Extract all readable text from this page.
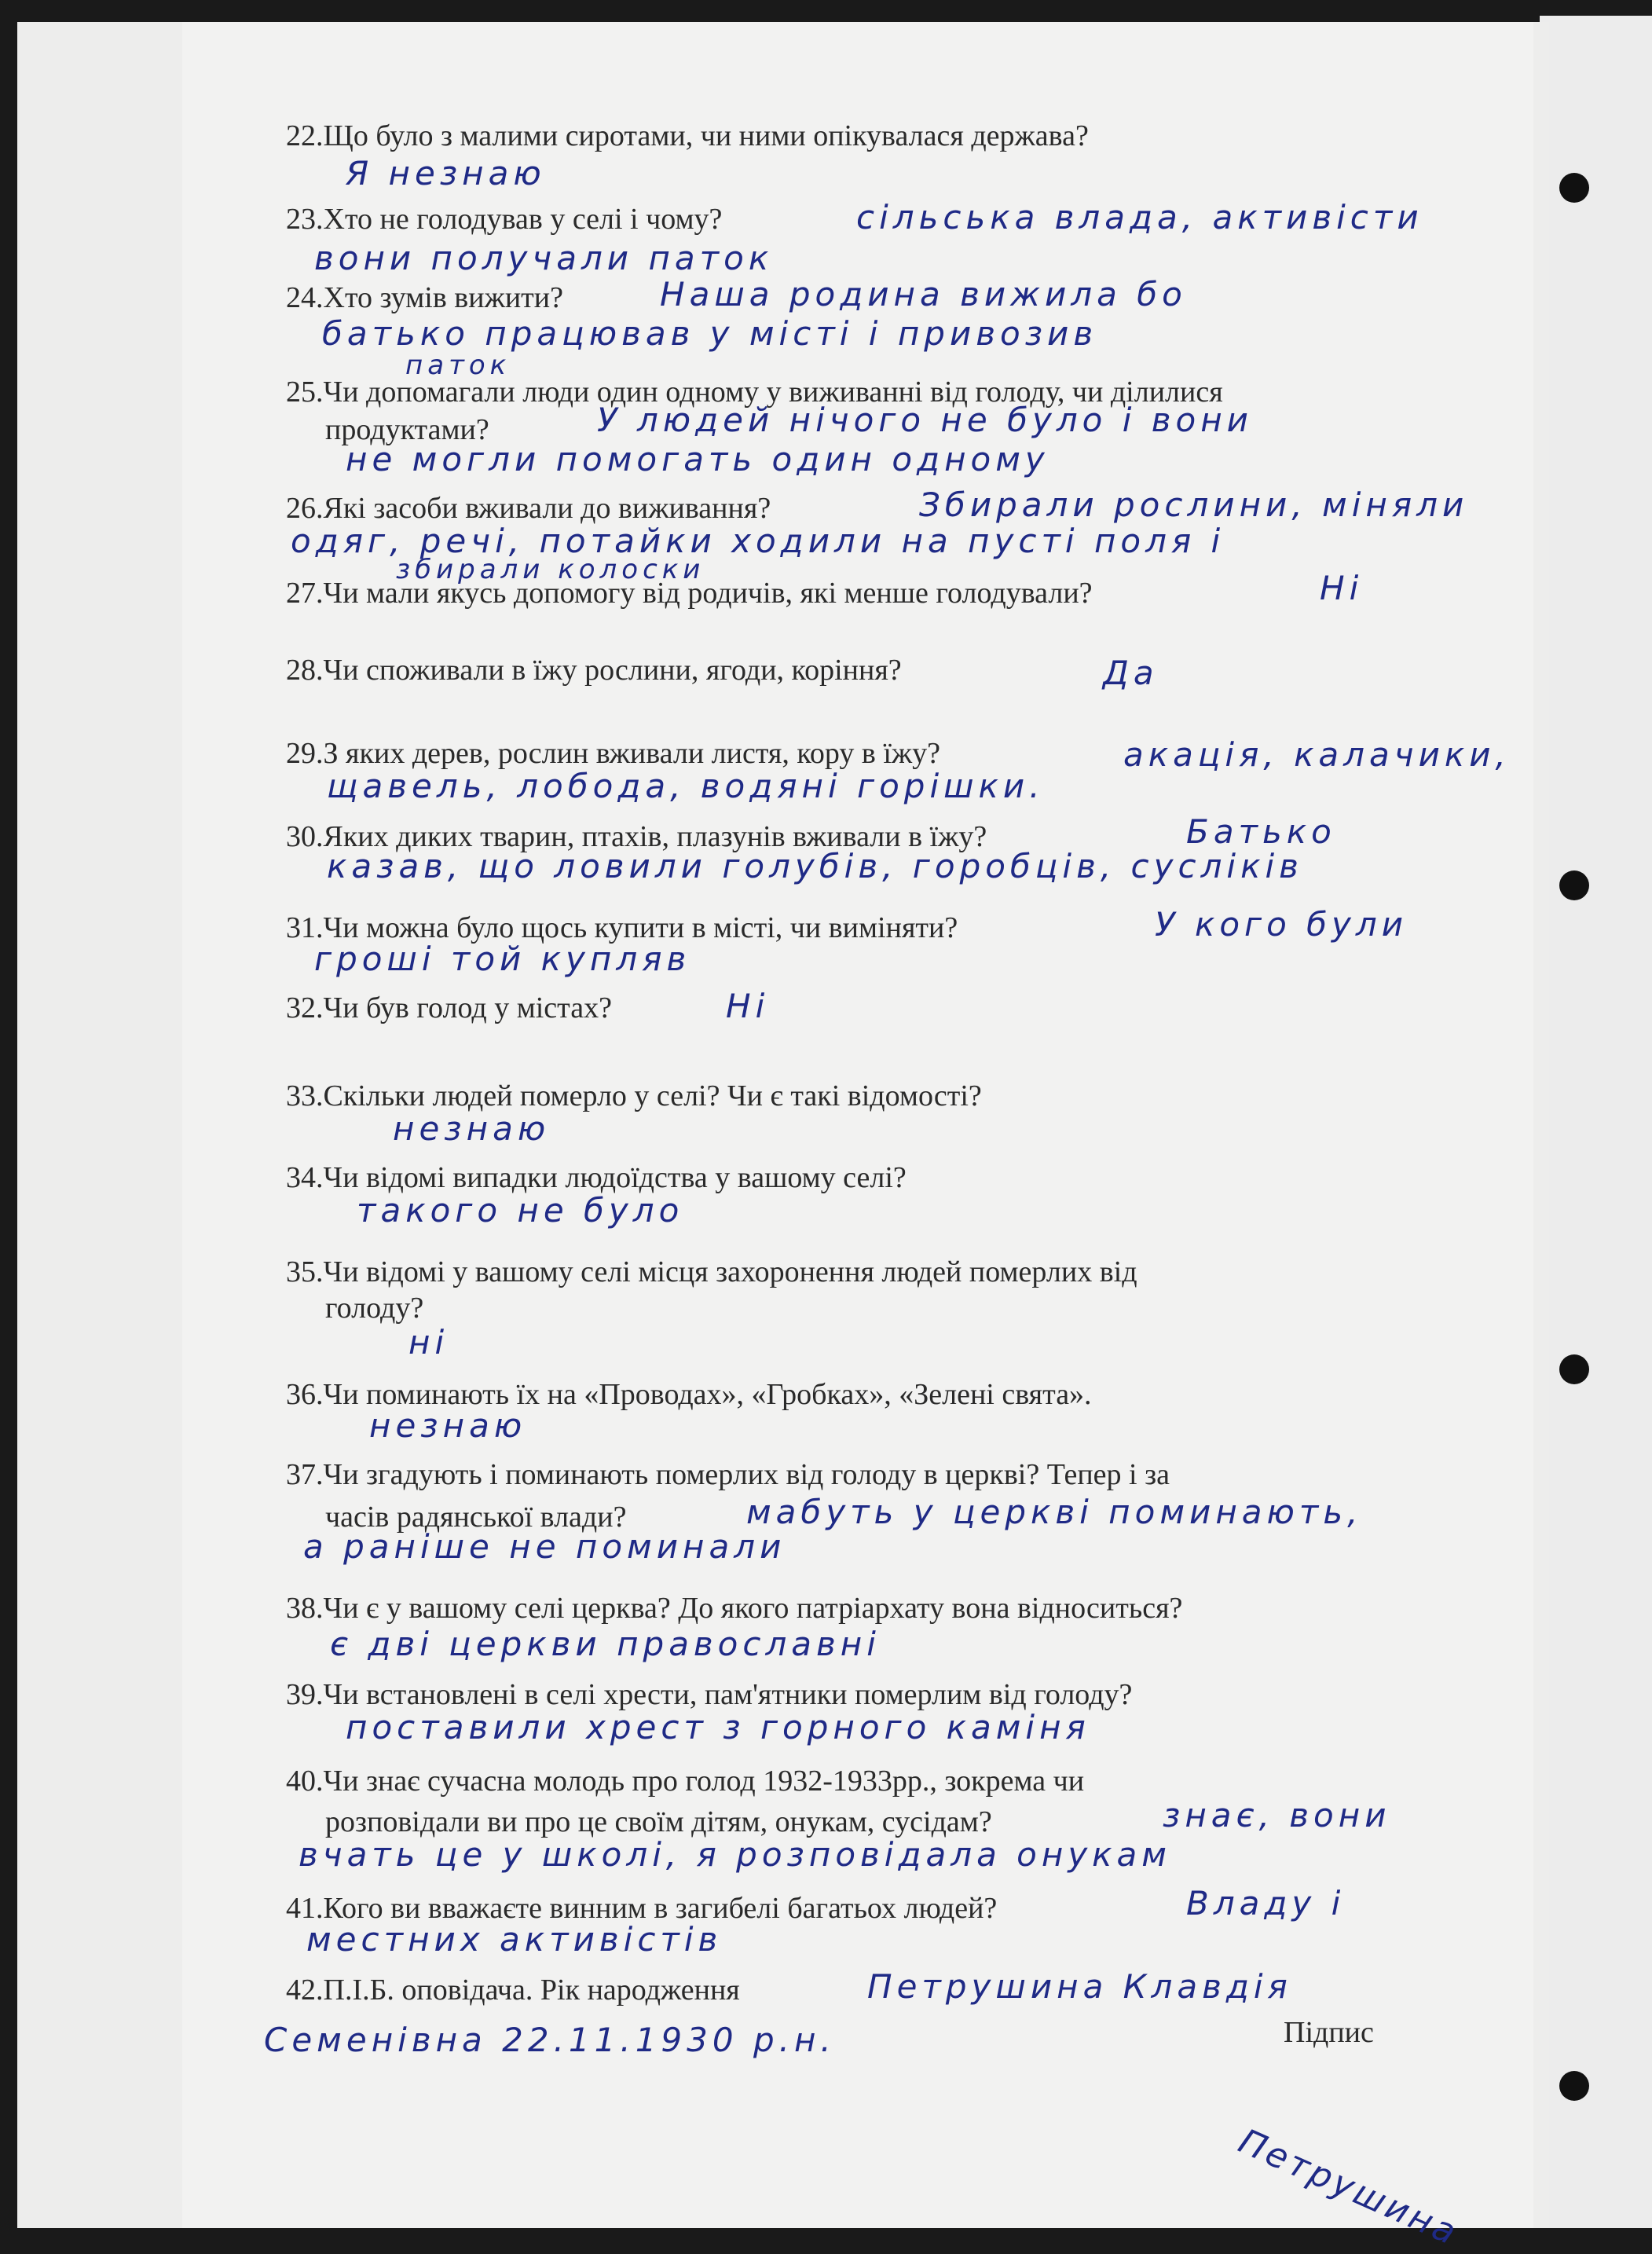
22.Що було з малими сиротами, чи ними опікувалася держава?
Я незнаю
23.Хто не голодував у селі і чому?	сільська влада, активісти
вони получали паток
24.Хто зумів вижити?	Наша родина вижила бо
батько працював у місті і привозив
паток
25.Чи допомагали люди один одному у виживанні від голоду, чи ділилися
продуктами?	У людей нічого не було і вони
не могли помогать один одному
26.Які засоби вживали до виживання?	Збирали рослини, міняли
одяг, речі, потайки ходили на пусті поля і
збирали колоски
27.Чи мали якусь допомогу від родичів, які менше голодували?	Ні
28.Чи споживали в їжу рослини, ягоди, коріння?	Да
29.З яких дерев, рослин вживали листя, кору в їжу?	акація, калачики,
щавель, лобода, водяні горішки.
30.Яких диких тварин, птахів, плазунів вживали в їжу?	Батько
казав, що ловили голубів, горобців, сусліків
31.Чи можна було щось купити в місті, чи виміняти?	У кого були
гроші той купляв
32.Чи був голод у містах?	Ні
33.Скільки людей померло у селі? Чи є такі відомості?
незнаю
34.Чи відомі випадки людоїдства у вашому селі?
такого не було
35.Чи відомі у вашому селі місця захоронення людей померлих від
голоду?
ні
36.Чи поминають їх на «Проводах», «Гробках», «Зелені свята».
незнаю
37.Чи згадують і поминають померлих від голоду в церкві? Тепер і за
часів радянської влади?	мабуть у церкві поминають,
а раніше не поминали
38.Чи є у вашому селі церква? До якого патріархату вона відноситься?
є дві церкви православні
39.Чи встановлені в селі хрести, пам'ятники померлим від голоду?
поставили хрест з горного каміня
40.Чи знає сучасна молодь про голод 1932-1933рр., зокрема чи
розповідали ви про це своїм дітям, онукам, сусідам?	знає, вони
вчать це у школі, я розповідала онукам
41.Кого ви вважаєте винним в загибелі багатьох людей?	Владу і
местних активістів
42.П.І.Б. оповідача. Рік народження	Петрушина Клавдія
Семенівна 22.11.1930 р.н.	Підпис
Петрушина
